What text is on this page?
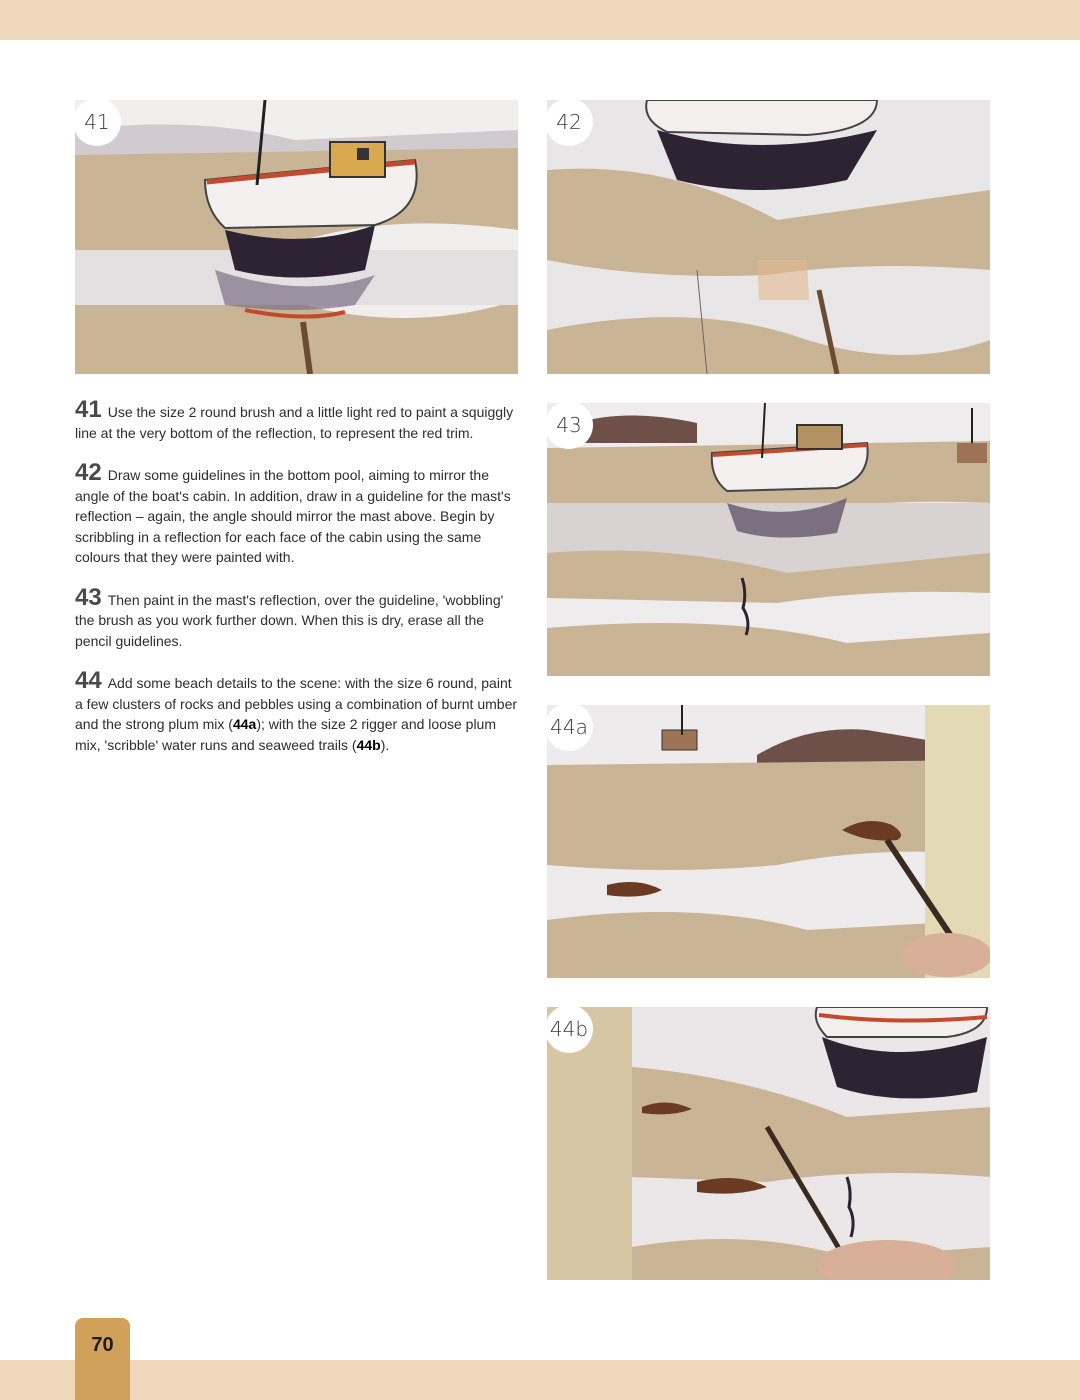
41	42
43
44a
44b

41 Use the size 2 round brush and a little light red to paint a squiggly line at the very bottom of the reflection, to represent the red trim.

42 Draw some guidelines in the bottom pool, aiming to mirror the angle of the boat's cabin. In addition, draw in a guideline for the mast's reflection – again, the angle should mirror the mast above. Begin by scribbling in a reflection for each face of the cabin using the same colours that they were painted with.

43 Then paint in the mast's reflection, over the guideline, 'wobbling' the brush as you work further down. When this is dry, erase all the pencil guidelines.

44 Add some beach details to the scene: with the size 6 round, paint a few clusters of rocks and pebbles using a combination of burnt umber and the strong plum mix (44a); with the size 2 rigger and loose plum mix, 'scribble' water runs and seaweed trails (44b).

70
